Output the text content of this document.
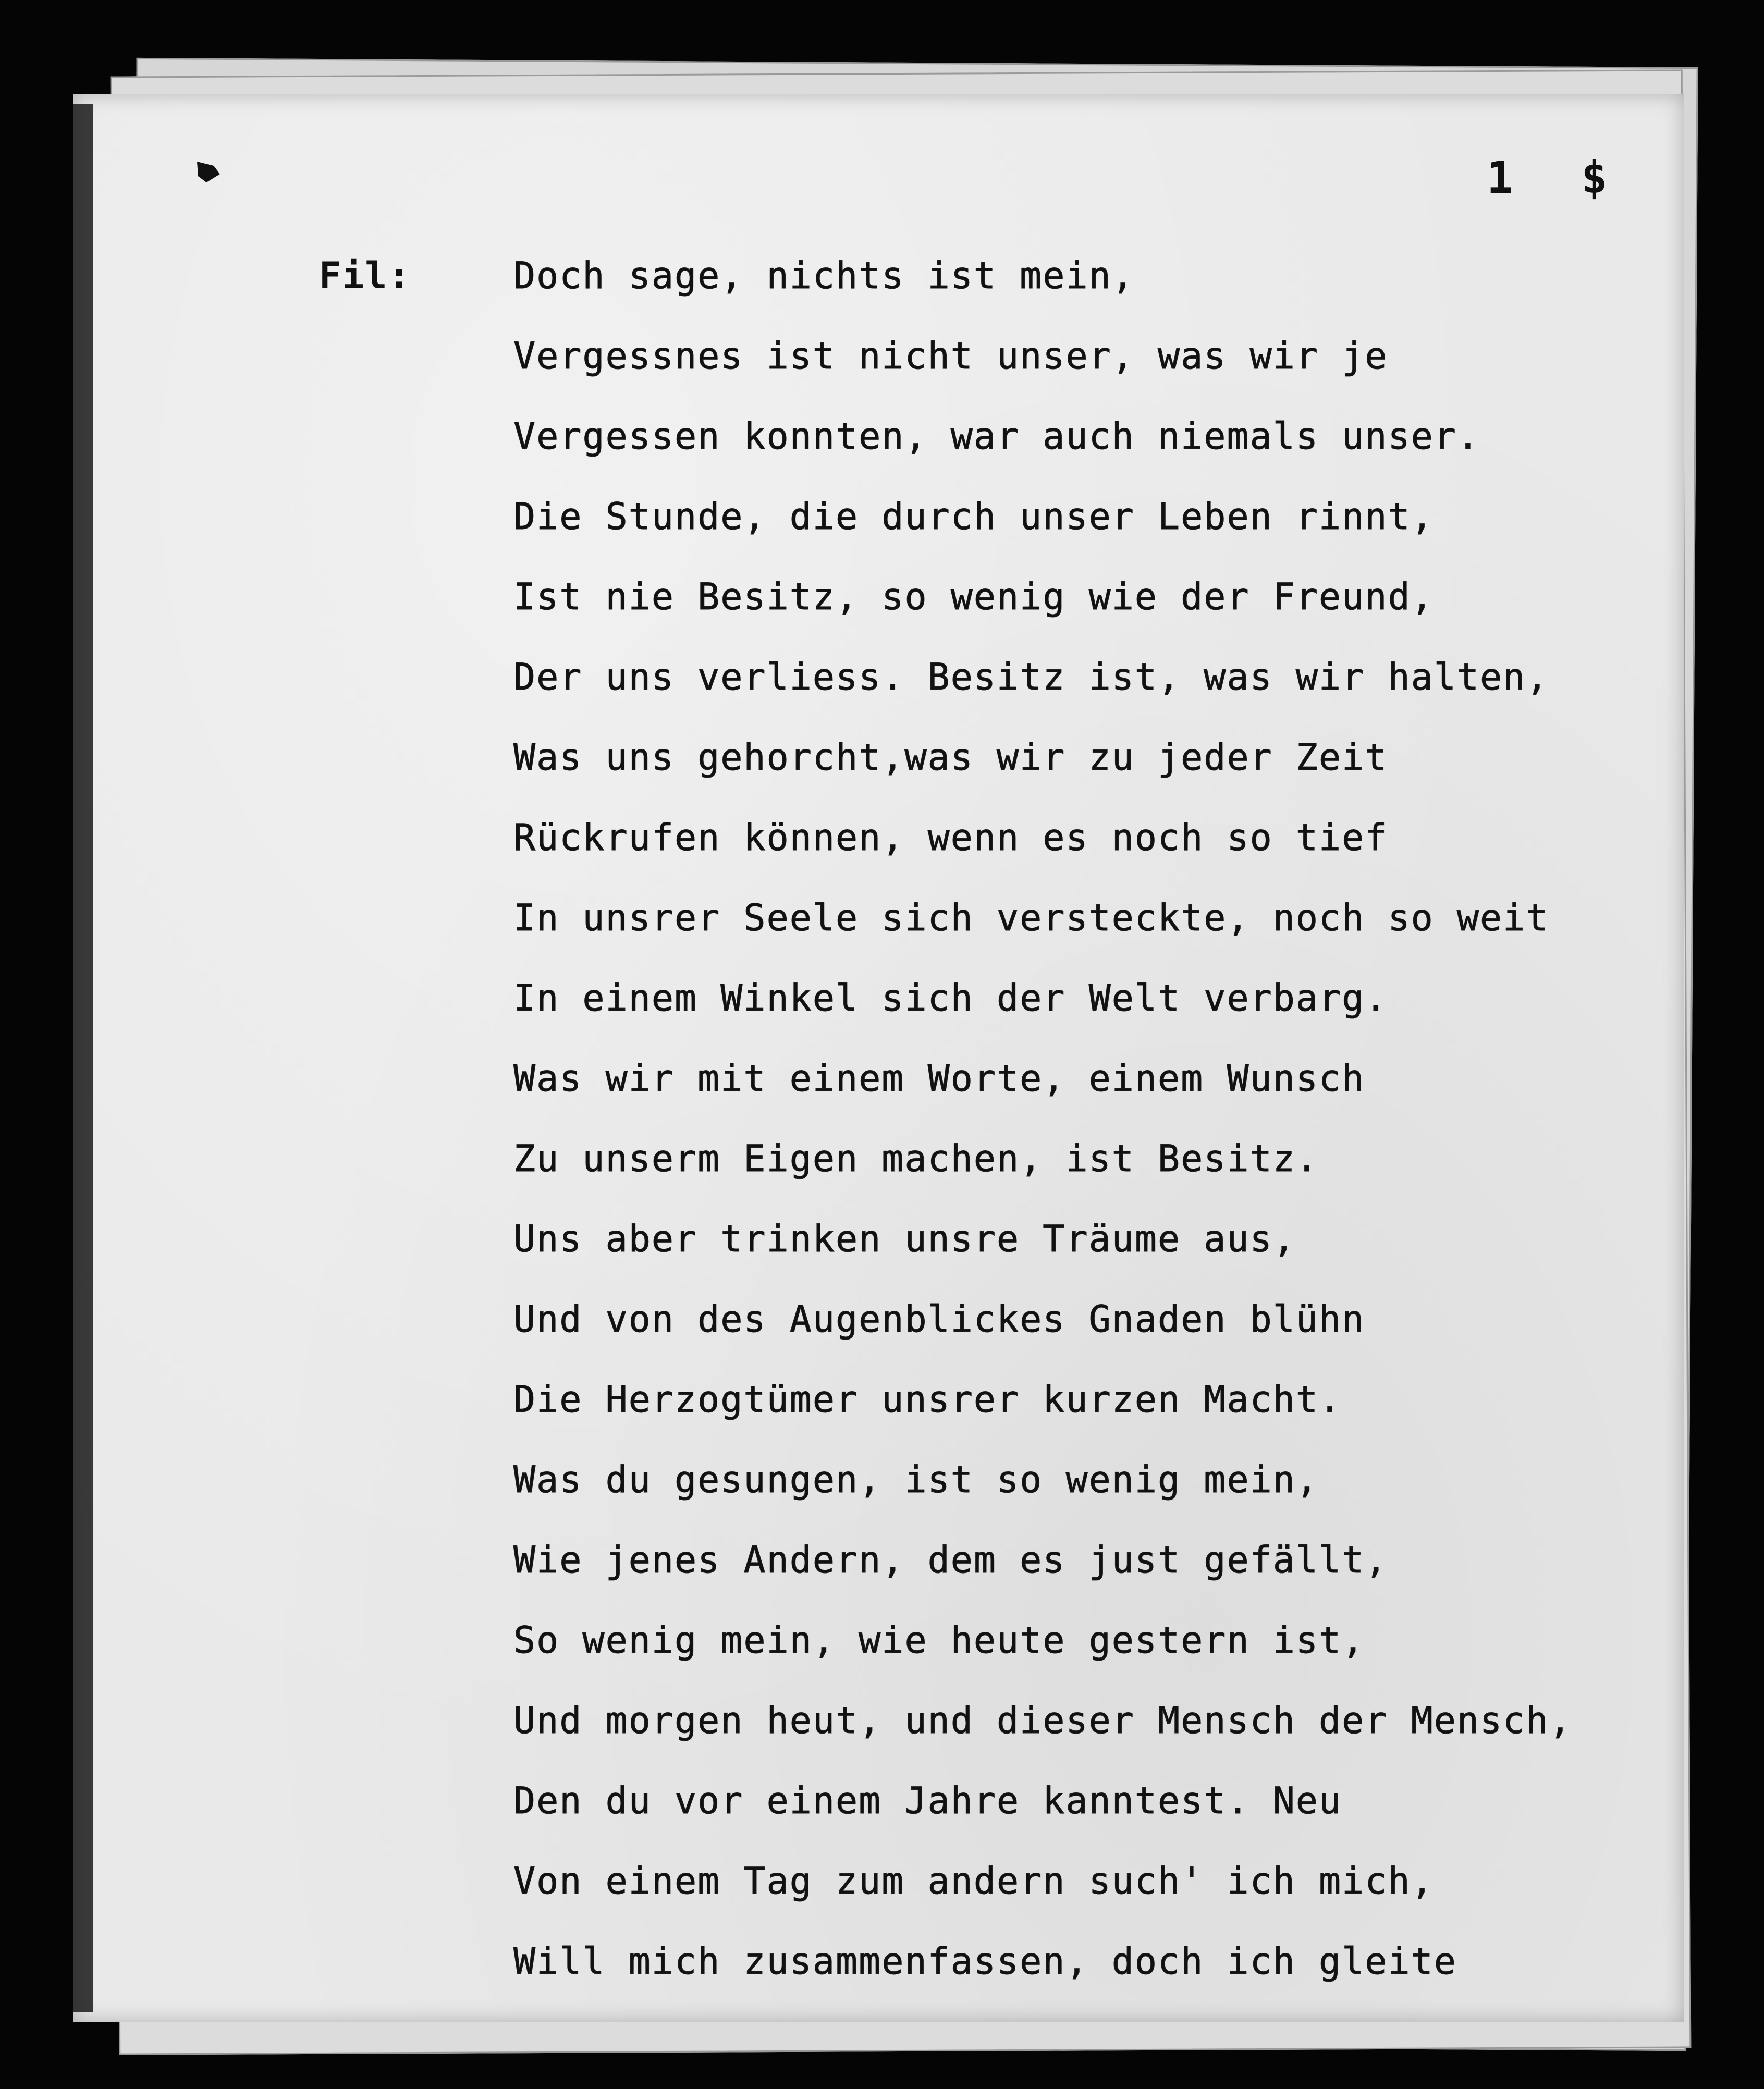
1 $
Fil:	Doch sage, nichts ist mein,
Vergessnes ist nicht unser, was wir je
Vergessen konnten, war auch niemals unser.
Die Stunde, die durch unser Leben rinnt,
Ist nie Besitz, so wenig wie der Freund,
Der uns verliess. Besitz ist, was wir halten,
Was uns gehorcht,was wir zu jeder Zeit
Rückrufen können, wenn es noch so tief
In unsrer Seele sich versteckte, noch so weit
In einem Winkel sich der Welt verbarg.
Was wir mit einem Worte, einem Wunsch
Zu unserm Eigen machen, ist Besitz.
Uns aber trinken unsre Träume aus,
Und von des Augenblickes Gnaden blühn
Die Herzogtümer unsrer kurzen Macht.
Was du gesungen, ist so wenig mein,
Wie jenes Andern, dem es just gefällt,
So wenig mein, wie heute gestern ist,
Und morgen heut, und dieser Mensch der Mensch,
Den du vor einem Jahre kanntest. Neu
Von einem Tag zum andern such' ich mich,
Will mich zusammenfassen, doch ich gleite
